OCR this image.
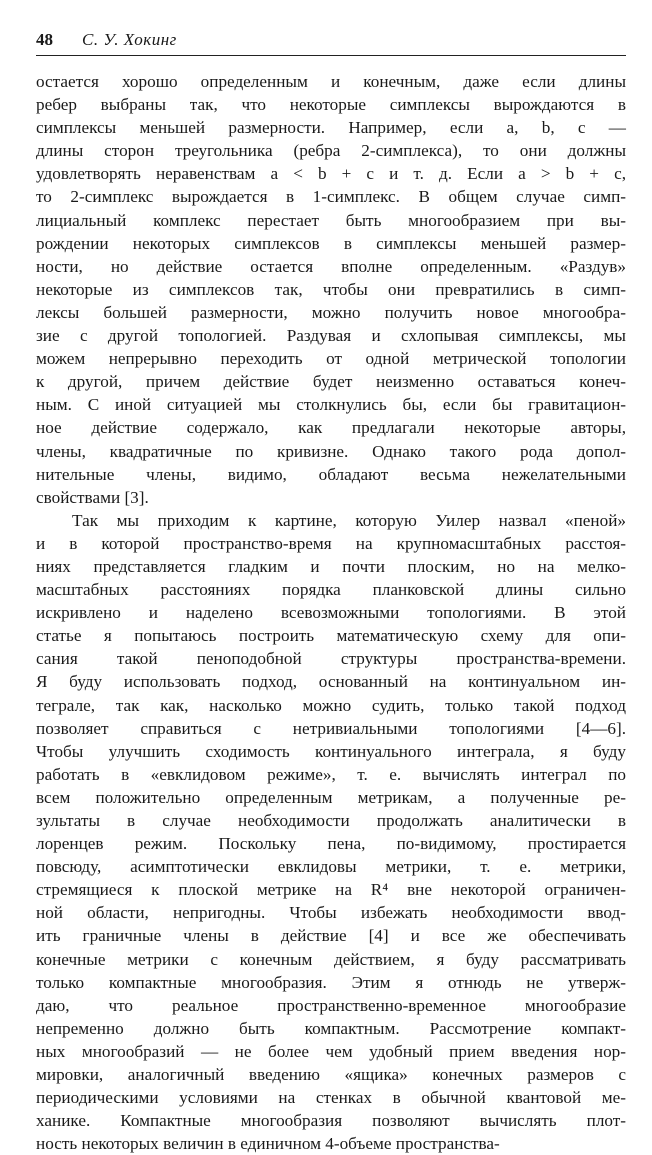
48 С. У. Хокинг
остается хорошо определенным и конечным, даже если длины
ребер выбраны так, что некоторые симплексы вырождаются в
симплексы меньшей размерности. Например, если a, b, c —
длины сторон треугольника (ребра 2-симплекса), то они должны
удовлетворять неравенствам a < b + c и т. д. Если a > b + c,
то 2-симплекс вырождается в 1-симплекс. В общем случае симп-
лициальный комплекс перестает быть многообразием при вы-
рождении некоторых симплексов в симплексы меньшей размер-
ности, но действие остается вполне определенным. «Раздув»
некоторые из симплексов так, чтобы они превратились в симп-
лексы большей размерности, можно получить новое многообра-
зие с другой топологией. Раздувая и схлопывая симплексы, мы
можем непрерывно переходить от одной метрической топологии
к другой, причем действие будет неизменно оставаться конеч-
ным. С иной ситуацией мы столкнулись бы, если бы гравитацион-
ное действие содержало, как предлагали некоторые авторы,
члены, квадратичные по кривизне. Однако такого рода допол-
нительные члены, видимо, обладают весьма нежелательными
свойствами [3].
Так мы приходим к картине, которую Уилер назвал «пеной»
и в которой пространство-время на крупномасштабных расстоя-
ниях представляется гладким и почти плоским, но на мелко-
масштабных расстояниях порядка планковской длины сильно
искривлено и наделено всевозможными топологиями. В этой
статье я попытаюсь построить математическую схему для опи-
сания такой пеноподобной структуры пространства-времени.
Я буду использовать подход, основанный на континуальном ин-
теграле, так как, насколько можно судить, только такой подход
позволяет справиться с нетривиальными топологиями [4—6].
Чтобы улучшить сходимость континуального интеграла, я буду
работать в «евклидовом режиме», т. е. вычислять интеграл по
всем положительно определенным метрикам, а полученные ре-
зультаты в случае необходимости продолжать аналитически в
лоренцев режим. Поскольку пена, по-видимому, простирается
повсюду, асимптотически евклидовы метрики, т. е. метрики,
стремящиеся к плоской метрике на R⁴ вне некоторой ограничен-
ной области, непригодны. Чтобы избежать необходимости ввод-
ить граничные члены в действие [4] и все же обеспечивать
конечные метрики с конечным действием, я буду рассматривать
только компактные многообразия. Этим я отнюдь не утверж-
даю, что реальное пространственно-временное многообразие
непременно должно быть компактным. Рассмотрение компакт-
ных многообразий — не более чем удобный прием введения нор-
мировки, аналогичный введению «ящика» конечных размеров с
периодическими условиями на стенках в обычной квантовой ме-
ханике. Компактные многообразия позволяют вычислять плот-
ность некоторых величин в единичном 4-объеме пространства-
